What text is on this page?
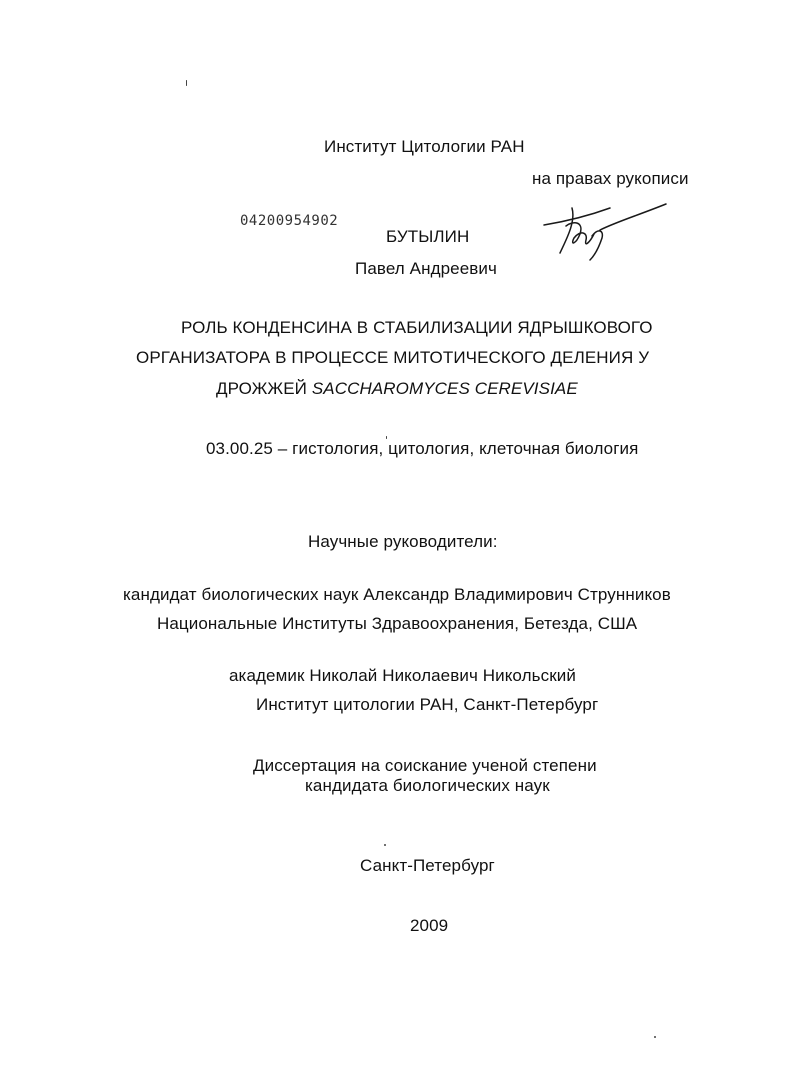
Институт Цитологии РАН
на правах рукописи
04200954902
БУТЫЛИН
Павел Андреевич
РОЛЬ КОНДЕНСИНА В СТАБИЛИЗАЦИИ ЯДРЫШКОВОГО
ОРГАНИЗАТОРА В ПРОЦЕССЕ МИТОТИЧЕСКОГО ДЕЛЕНИЯ У
ДРОЖЖЕЙ SACCHAROMYCES CEREVISIAE
03.00.25 – гистология, цитология, клеточная биология
Научные руководители:
кандидат биологических наук Александр Владимирович Струнников
Национальные Институты Здравоохранения, Бетезда, США
академик Николай Николаевич Никольский
Институт цитологии РАН, Санкт-Петербург
Диссертация на соискание ученой степени
кандидата биологических наук
Санкт-Петербург
2009
